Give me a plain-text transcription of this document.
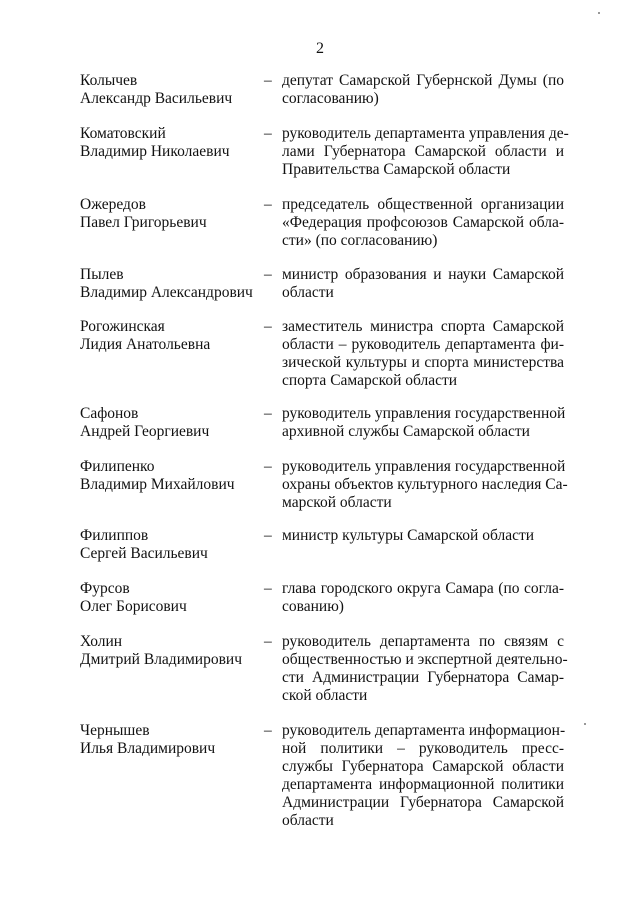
2
Колычев
Александр Васильевич
– депутат Самарской Губернской Думы (по
согласованию)
Коматовский
Владимир Николаевич
– руководитель департамента управления де-
лами Губернатора Самарской области и
Правительства Самарской области
Ожередов
Павел Григорьевич
– председатель общественной организации
«Федерация профсоюзов Самарской обла-
сти» (по согласованию)
Пылев
Владимир Александрович
– министр образования и науки Самарской
области
Рогожинская
Лидия Анатольевна
– заместитель министра спорта Самарской
области – руководитель департамента фи-
зической культуры и спорта министерства
спорта Самарской области
Сафонов
Андрей Георгиевич
– руководитель управления государственной
архивной службы Самарской области
Филипенко
Владимир Михайлович
– руководитель управления государственной
охраны объектов культурного наследия Са-
марской области
Филиппов
Сергей Васильевич
– министр культуры Самарской области
Фурсов
Олег Борисович
– глава городского округа Самара (по согла-
сованию)
Холин
Дмитрий Владимирович
– руководитель департамента по связям с
общественностью и экспертной деятельно-
сти Администрации Губернатора Самар-
ской области
Чернышев
Илья Владимирович
– руководитель департамента информацион-
ной политики – руководитель пресс-
службы Губернатора Самарской области
департамента информационной политики
Администрации Губернатора Самарской
области
